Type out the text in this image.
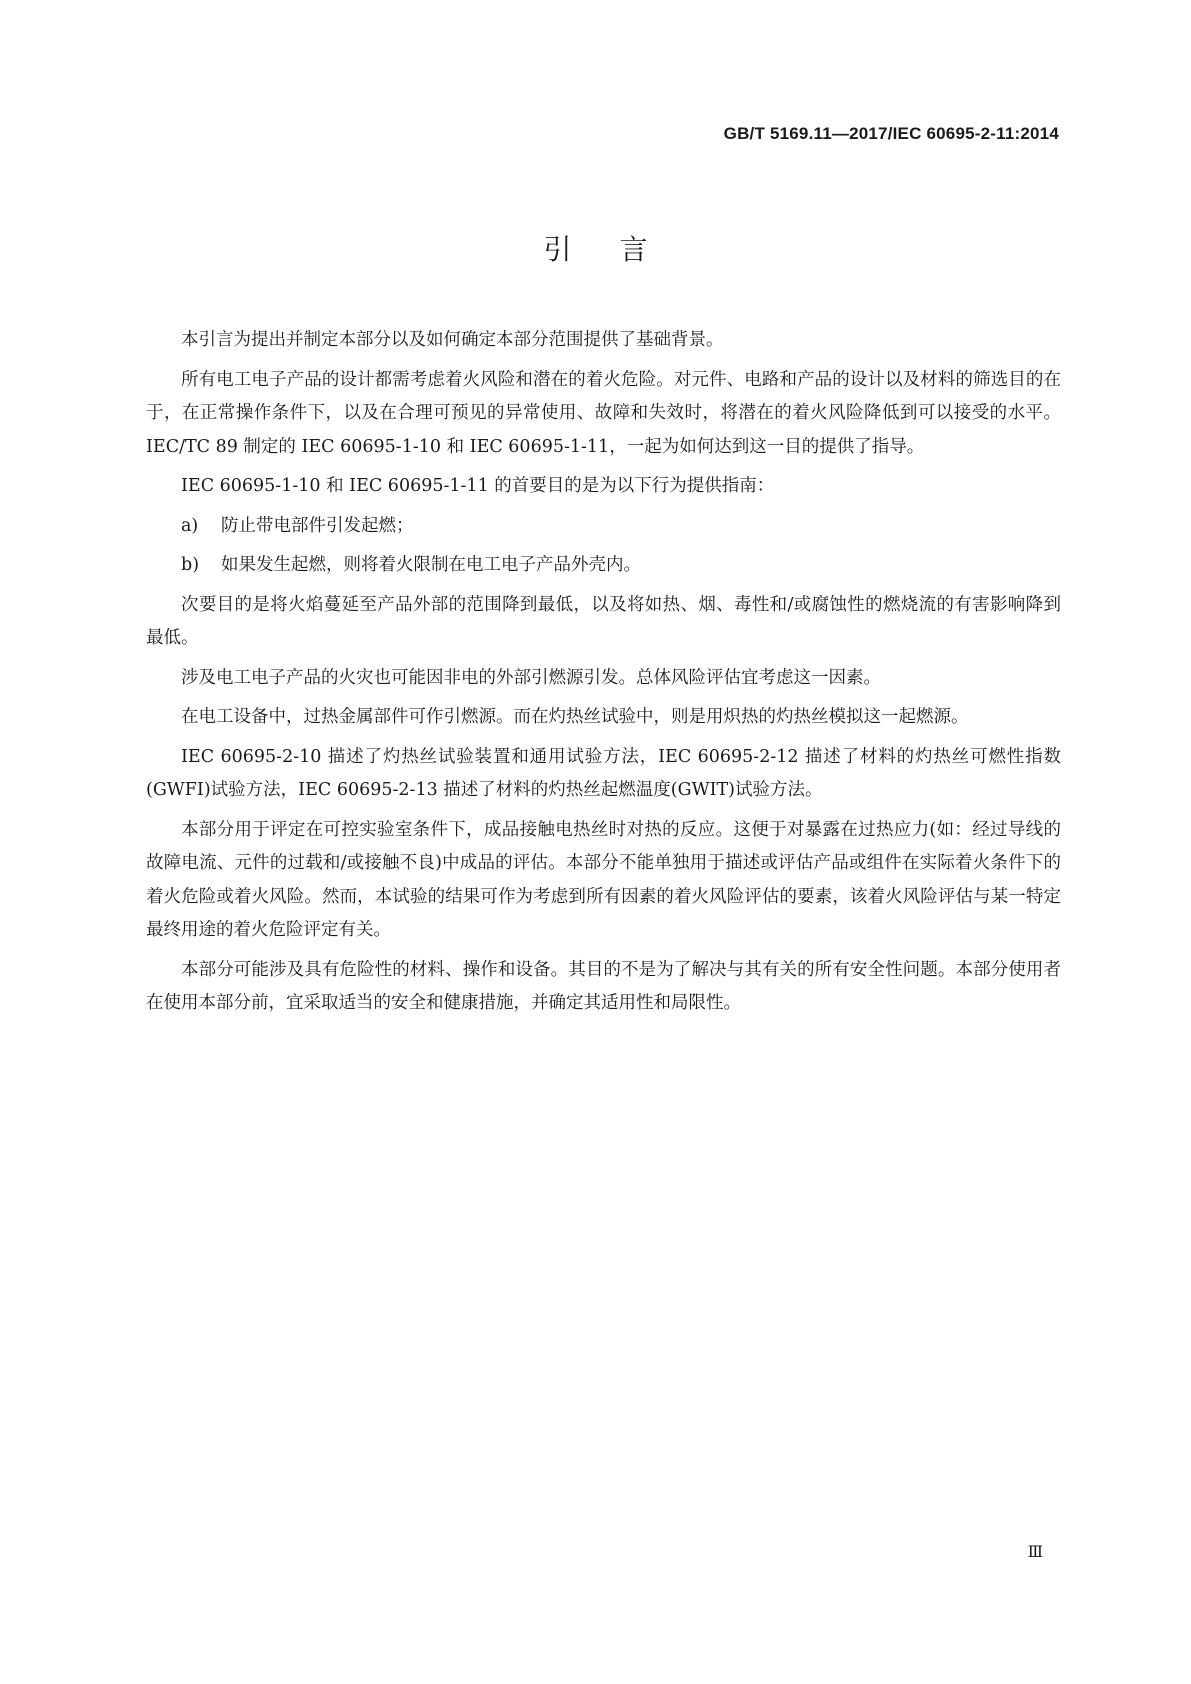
GB/T 5169.11—2017/IEC 60695-2-11:2014
引言

本引言为提出并制定本部分以及如何确定本部分范围提供了基础背景。

所有电工电子产品的设计都需考虑着火风险和潜在的着火危险。对元件、电路和产品的设计以及材料的筛选目的在于，在正常操作条件下，以及在合理可预见的异常使用、故障和失效时，将潜在的着火风险降低到可以接受的水平。IEC/TC 89 制定的 IEC 60695-1-10 和 IEC 60695-1-11，一起为如何达到这一目的提供了指导。

IEC 60695-1-10 和 IEC 60695-1-11 的首要目的是为以下行为提供指南：

a) 防止带电部件引发起燃；

b) 如果发生起燃，则将着火限制在电工电子产品外壳内。

次要目的是将火焰蔓延至产品外部的范围降到最低，以及将如热、烟、毒性和/或腐蚀性的燃烧流的有害影响降到最低。

涉及电工电子产品的火灾也可能因非电的外部引燃源引发。总体风险评估宜考虑这一因素。

在电工设备中，过热金属部件可作引燃源。而在灼热丝试验中，则是用炽热的灼热丝模拟这一起燃源。

IEC 60695-2-10 描述了灼热丝试验装置和通用试验方法，IEC 60695-2-12 描述了材料的灼热丝可燃性指数(GWFI)试验方法，IEC 60695-2-13 描述了材料的灼热丝起燃温度(GWIT)试验方法。

本部分用于评定在可控实验室条件下，成品接触电热丝时对热的反应。这便于对暴露在过热应力(如：经过导线的故障电流、元件的过载和/或接触不良)中成品的评估。本部分不能单独用于描述或评估产品或组件在实际着火条件下的着火危险或着火风险。然而，本试验的结果可作为考虑到所有因素的着火风险评估的要素，该着火风险评估与某一特定最终用途的着火危险评定有关。

本部分可能涉及具有危险性的材料、操作和设备。其目的不是为了解决与其有关的所有安全性问题。本部分使用者在使用本部分前，宜采取适当的安全和健康措施，并确定其适用性和局限性。

Ⅲ
